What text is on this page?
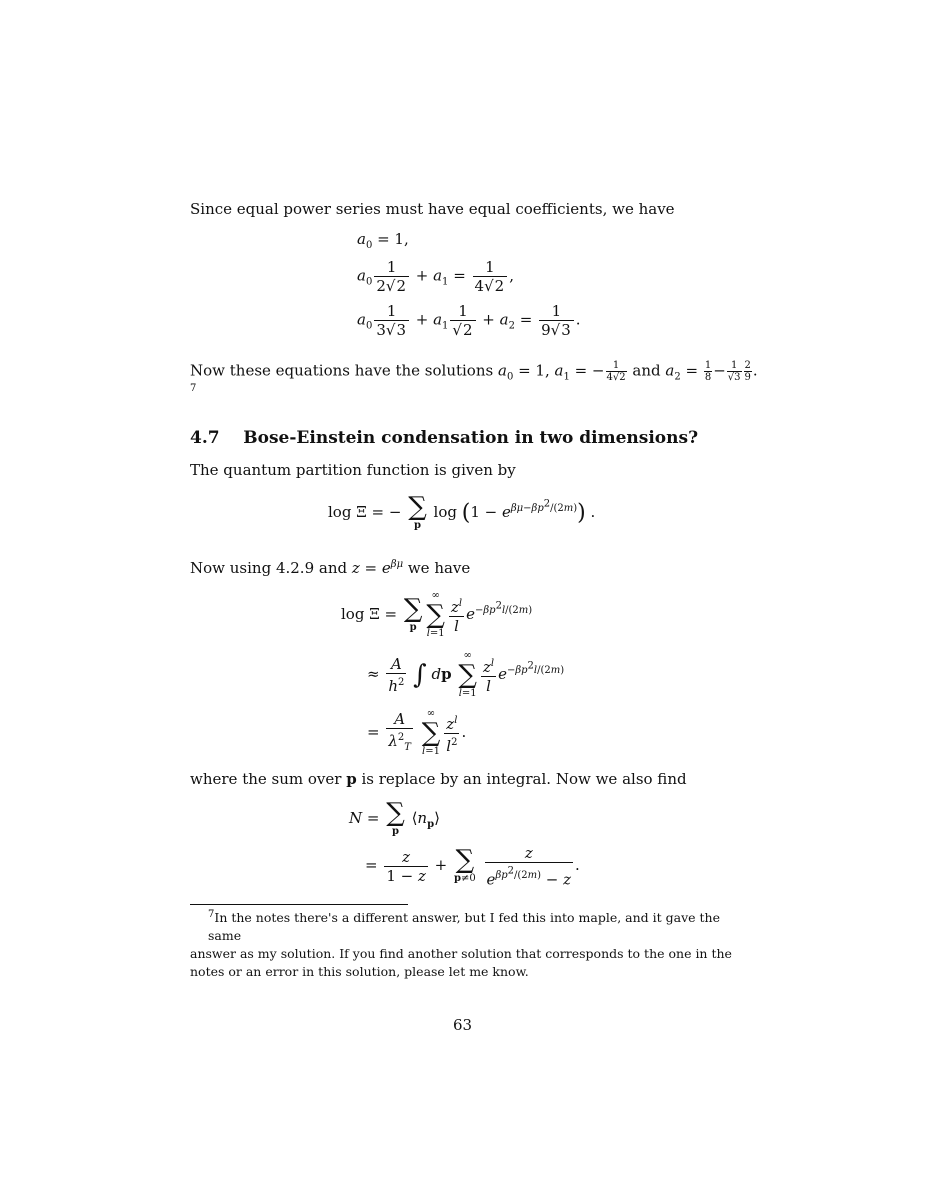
Since equal power series must have equal coefficients, we have
$a_0 = 1$,
$a_0 \frac{1}{2√2} + a_1 = \frac{1}{4√2}$ ,
$a_0 \frac{1}{3√3} + a_1 \frac{1}{√2} + a_2 = \frac{1}{9√3}$ .
Now these equations have the solutions $a_0 = 1$, $a_1$ = − $\frac{1}{4√2}$ and $a_2 = \frac{1}{8} - \frac{1}{√3} \frac{2}{9}$ .
7
4.7 Bose-Einstein condensation in two dimensions?
The quantum partition function is given by
log Ξ = − ∑
p
$\log (1 - e^{\beta\mu-\beta p^2/(2m)})$ .
Now using 4.2.9 and $z = e^{\beta\mu}$ we have
log Ξ = ∑
p
∞
∑
$l=1 \frac{z^l}{l} e^{-\beta p^2l/(2m)}$
≈ $\frac{A}{h^2}$ ∫ dp
∞
∑
$l=1 \frac{z^l}{l} e^{-\beta p^2l/(2m)}$
= $\frac{A}{\lambda^2_T}$
	∞
∑
$l=1 \frac{z^l}{l^2}$ .
where the sum over p is replace by an integral. Now we also find
N = ∑
p
$⟨n_p⟩$
= $\frac{z}{1 - z}$ + ∑
p≠0
$\frac{z}{e^{\beta p^2/(2m)} - z}$ .
$^7$In the notes there's a different answer, but I fed this into maple, and it gave the same
answer as my solution. If you find another solution that corresponds to the one in the
notes or an error in this solution, please let me know.
63
